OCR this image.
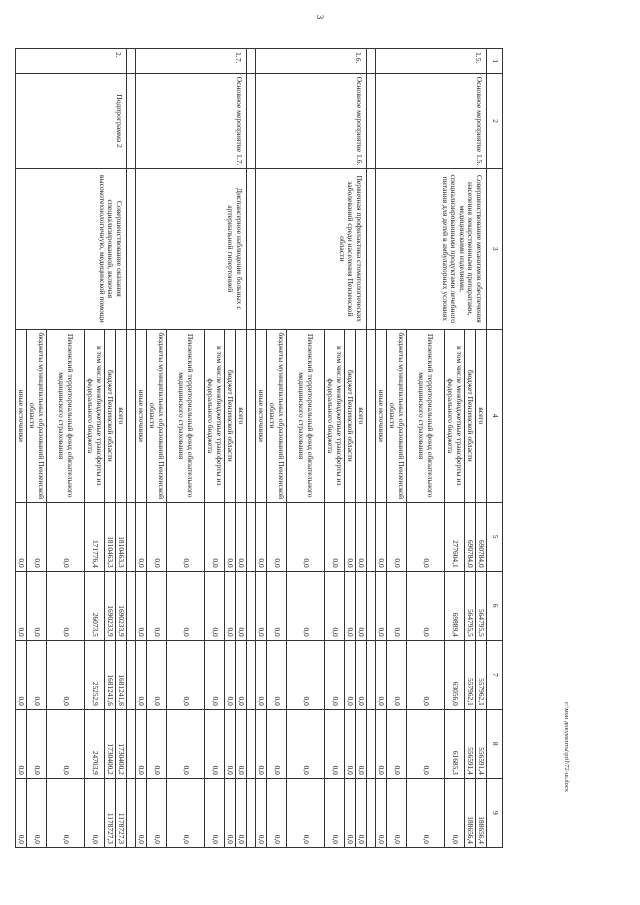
3
1	2	3	4	5	6	7	8	9
1.5.	Основное мероприятие 1.5.	Совершенствование механизмов обеспечения населения лекарственными препаратами, медицинскими изделиями, специализированными продуктами лечебного питания для детей в амбулаторных условиях	всего	690784,0	564795,5	557962,1	556591,4	188656,4
			бюджет Пензенской области	690784,0	564795,5	557962,1	556591,4	188656,4
			в том числе межбюджетные трансферты из федерального бюджета	277604,1	69889,4	63056,0	61685,3	0,0
			Пензенский территориальный фонд обязательного медицинского страхования	0,0	0,0	0,0	0,0	0,0
			бюджеты муниципальных образований Пензенской области	0,0	0,0	0,0	0,0	0,0
			иные источники	0,0	0,0	0,0	0,0	0,0

1.6.	Основное мероприятие 1.6.	Первичная профилактика стоматологических заболеваний среди населения Пензенской области	всего	0,0	0,0	0,0	0,0	0,0
			бюджет Пензенской области	0,0	0,0	0,0	0,0	0,0
			в том числе межбюджетные трансферты из федерального бюджета	0,0	0,0	0,0	0,0	0,0
			Пензенский территориальный фонд обязательного медицинского страхования	0,0	0,0	0,0	0,0	0,0
			бюджеты муниципальных образований Пензенской области	0,0	0,0	0,0	0,0	0,0
			иные источники	0,0	0,0	0,0	0,0	0,0

1.7.	Основное мероприятие 1.7.	Диспансерное наблюдение больных с артериальной гипертонией	всего	0,0	0,0	0,0	0,0	0,0
			бюджет Пензенской области	0,0	0,0	0,0	0,0	0,0
			в том числе межбюджетные трансферты из федерального бюджета	0,0	0,0	0,0	0,0	0,0
			Пензенский территориальный фонд обязательного медицинского страхования	0,0	0,0	0,0	0,0	0,0
			бюджеты муниципальных образований Пензенской области	0,0	0,0	0,0	0,0	0,0
			иные источники	0,0	0,0	0,0	0,0	0,0

2.	Подпрограмма 2	Совершенствование оказания специализированной, включая высокотехнологичную, медицинской помощи	всего	1810463,3	1690233,9	1681241,6	1730400,2	1178727,3
			бюджет Пензенской области	1810463,3	1690233,9	1681241,6	1730400,2	1178727,3
			в том числе межбюджетные трансферты из федерального бюджета	171776,4	26073,5	25252,9	24703,9	0,0
			Пензенский территориальный фонд обязательного медицинского страхования	0,0	0,0	0,0	0,0	0,0
			бюджеты муниципальных образований Пензенской области	0,0	0,0	0,0	0,0	0,0
			иные источники	0,0	0,0	0,0	0,0	0,0
c:\мои документы\pril\72-ш.docx
